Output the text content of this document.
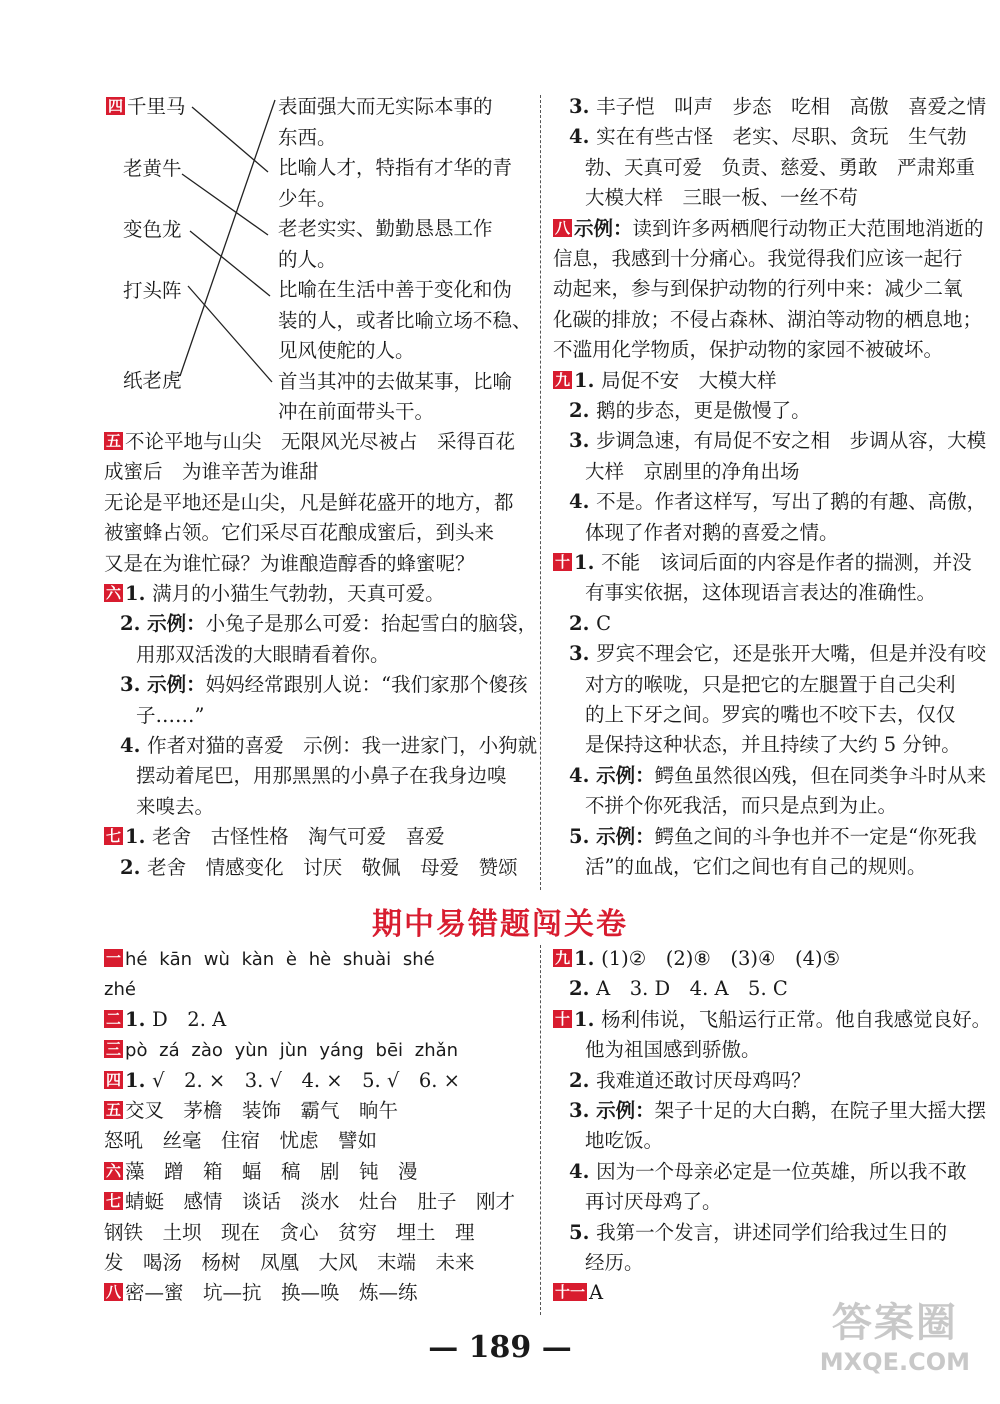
四 千里马
老黄牛
变色龙
打头阵
纸老虎
表面强大而无实际本事的
东西。
比喻人才，特指有才华的青
少年。
老老实实、勤勤恳恳工作
的人。
比喻在生活中善于变化和伪
装的人，或者比喻立场不稳、
见风使舵的人。
首当其冲的去做某事，比喻
冲在前面带头干。
五 不论平地与山尖　无限风光尽被占　采得百花
成蜜后　为谁辛苦为谁甜
无论是平地还是山尖，凡是鲜花盛开的地方，都
被蜜蜂占领。它们采尽百花酿成蜜后，到头来
又是在为谁忙碌？为谁酿造醇香的蜂蜜呢？
六 1. 满月的小猫生气勃勃，天真可爱。
2. 示例：小兔子是那么可爱：抬起雪白的脑袋，
用那双活泼的大眼睛看着你。
3. 示例：妈妈经常跟别人说：“我们家那个傻孩
子……”
4. 作者对猫的喜爱　示例：我一进家门，小狗就
摆动着尾巴，用那黑黑的小鼻子在我身边嗅
来嗅去。
七 1. 老舍　古怪性格　淘气可爱　喜爱
2. 老舍　情感变化　讨厌　敬佩　母爱　赞颂
3. 丰子恺　叫声　步态　吃相　高傲　喜爱之情
4. 实在有些古怪　老实、尽职、贪玩　生气勃
勃、天真可爱　负责、慈爱、勇敢　严肃郑重
大模大样　三眼一板、一丝不苟
八 示例：读到许多两栖爬行动物正大范围地消逝的
信息，我感到十分痛心。我觉得我们应该一起行
动起来，参与到保护动物的行列中来：减少二氧
化碳的排放；不侵占森林、湖泊等动物的栖息地；
不滥用化学物质，保护动物的家园不被破坏。
九 1. 局促不安　大模大样
2. 鹅的步态，更是傲慢了。
3. 步调急速，有局促不安之相　步调从容，大模
大样　京剧里的净角出场
4. 不是。作者这样写，写出了鹅的有趣、高傲，
体现了作者对鹅的喜爱之情。
十 1. 不能　该词后面的内容是作者的揣测，并没
有事实依据，这体现语言表达的准确性。
2. C
3. 罗宾不理会它，还是张开大嘴，但是并没有咬
对方的喉咙，只是把它的左腿置于自己尖利
的上下牙之间。罗宾的嘴也不咬下去，仅仅
是保持这种状态，并且持续了大约 5 分钟。
4. 示例：鳄鱼虽然很凶残，但在同类争斗时从来
不拼个你死我活，而只是点到为止。
5. 示例：鳄鱼之间的斗争也并不一定是“你死我
活”的血战，它们之间也有自己的规则。
期中易错题闯关卷
一 hé kān wù kàn è hè shuài shé
zhé
二 1. D　2. A
三 pò zá zào yùn jùn yáng bēi zhǎn
四 1. √　2. ×　3. √　4. ×　5. √　6. ×
五 交叉　茅檐　装饰　霸气　晌午
怒吼　丝毫　住宿　忧虑　譬如
六 藻　蹭　箱　蝠　稿　剧　钝　漫
七 蜻蜓　感情　谈话　淡水　灶台　肚子　刚才
钢铁　土坝　现在　贪心　贫穷　埋土　理
发　喝汤　杨树　凤凰　大风　末端　未来
八 密—蜜　坑—抗　换—唤　炼—练
九 1. (1)②　(2)⑧　(3)④　(4)⑤
2. A　3. D　4. A　5. C
十 1. 杨利伟说，飞船运行正常。他自我感觉良好。
他为祖国感到骄傲。
2. 我难道还敢讨厌母鸡吗？
3. 示例：架子十足的大白鹅，在院子里大摇大摆
地吃饭。
4. 因为一个母亲必定是一位英雄，所以我不敢
再讨厌母鸡了。
5. 我第一个发言，讲述同学们给我过生日的
经历。
十一 A
— 189 —
答案圈
MXQE.COM
